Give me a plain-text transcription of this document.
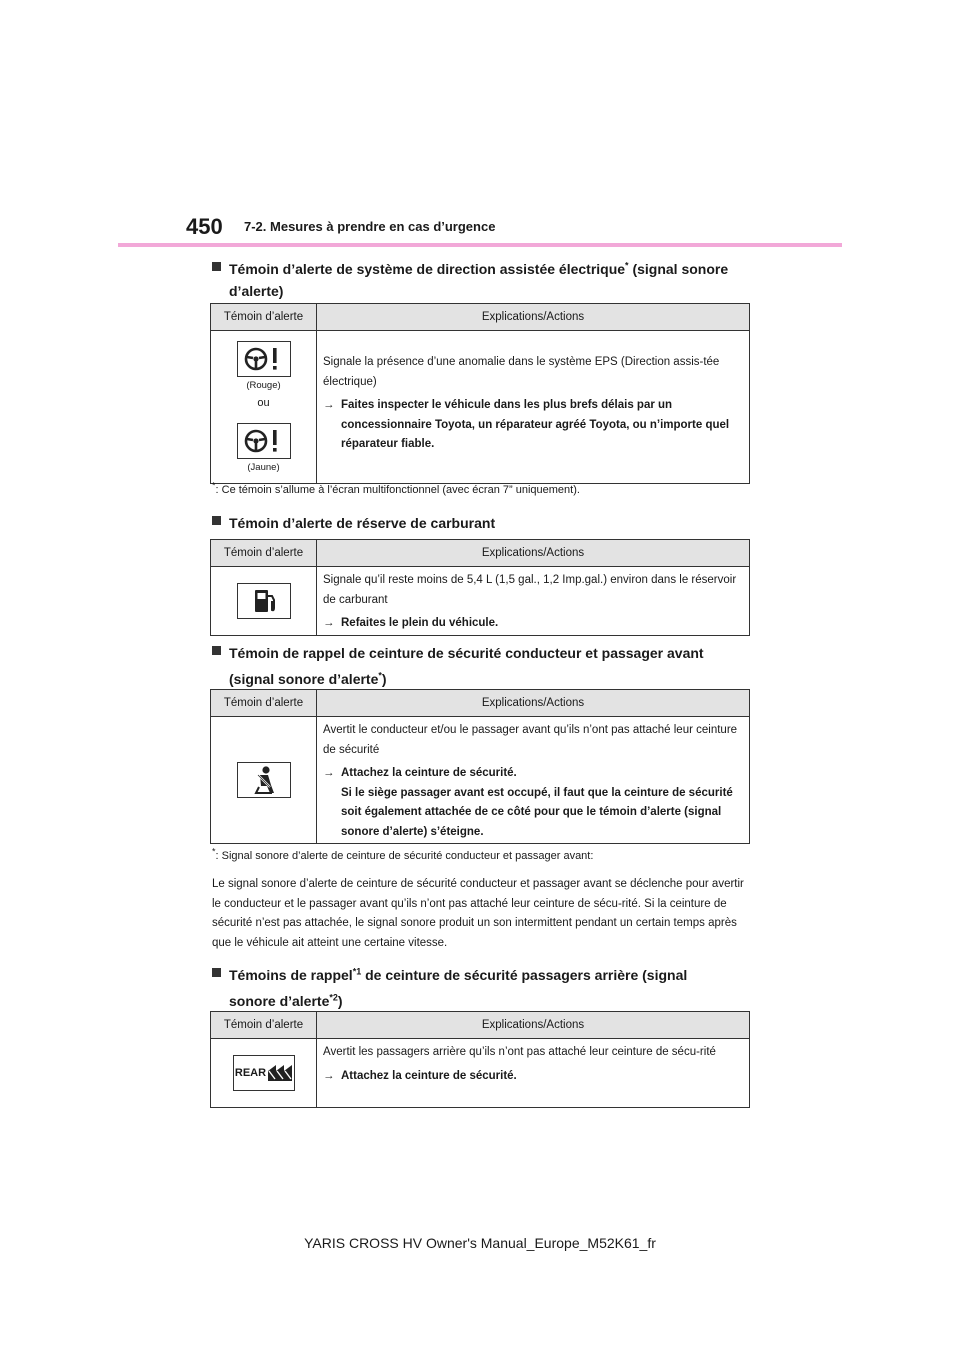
450 7-2. Mesures à prendre en cas d’urgence
Témoin d’alerte de système de direction assistée électrique* (signal sonore d’alerte)
Témoin d’alerte	Explications/Actions
(Rouge)
ou
(Jaune)
Signale la présence d’une anomalie dans le système EPS (Direction assis-tée électrique)
→ Faites inspecter le véhicule dans les plus brefs délais par un concessionnaire Toyota, un réparateur agréé Toyota, ou n’importe quel réparateur fiable.
*: Ce témoin s’allume à l’écran multifonctionnel (avec écran 7” uniquement).
Témoin d’alerte de réserve de carburant
Témoin d’alerte	Explications/Actions
Signale qu’il reste moins de 5,4 L (1,5 gal., 1,2 Imp.gal.) environ dans le réservoir de carburant
→ Refaites le plein du véhicule.
Témoin de rappel de ceinture de sécurité conducteur et passager avant
(signal sonore d’alerte*)
Témoin d’alerte	Explications/Actions
Avertit le conducteur et/ou le passager avant qu’ils n’ont pas attaché leur ceinture de sécurité
→ Attachez la ceinture de sécurité.
Si le siège passager avant est occupé, il faut que la ceinture de sécurité soit également attachée de ce côté pour que le témoin d’alerte (signal sonore d’alerte) s’éteigne.
*: Signal sonore d’alerte de ceinture de sécurité conducteur et passager avant:
Le signal sonore d’alerte de ceinture de sécurité conducteur et passager avant se déclenche pour avertir le conducteur et le passager avant qu’ils n’ont pas attaché leur ceinture de sécu-rité. Si la ceinture de sécurité n’est pas attachée, le signal sonore produit un son intermittent pendant un certain temps après que le véhicule ait atteint une certaine vitesse.
Témoins de rappel$^{*1}$ de ceinture de sécurité passagers arrière (signal
sonore d’alerte$^{*2}$)
Témoin d’alerte	Explications/Actions
REAR
Avertit les passagers arrière qu’ils n’ont pas attaché leur ceinture de sécu-rité
→ Attachez la ceinture de sécurité.
YARIS CROSS HV Owner's Manual_Europe_M52K61_fr
